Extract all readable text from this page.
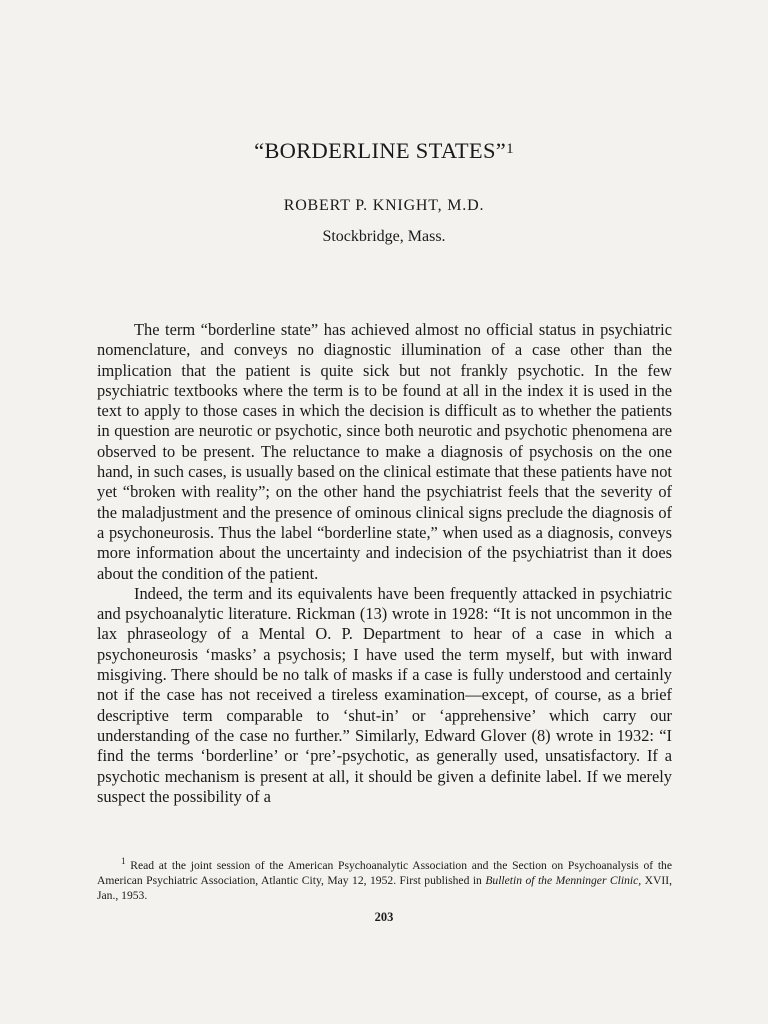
“BORDERLINE STATES”$^1$
ROBERT P. KNIGHT, M.D.
Stockbridge, Mass.

The term “borderline state” has achieved almost no official status in psychiatric nomenclature, and conveys no diagnostic illumination of a case other than the implication that the patient is quite sick but not frankly psychotic. In the few psychiatric textbooks where the term is to be found at all in the index it is used in the text to apply to those cases in which the decision is difficult as to whether the patients in question are neurotic or psychotic, since both neurotic and psychotic phenomena are observed to be present. The reluctance to make a diagnosis of psychosis on the one hand, in such cases, is usually based on the clinical estimate that these patients have not yet “broken with reality”; on the other hand the psychiatrist feels that the severity of the maladjustment and the presence of ominous clinical signs preclude the diagnosis of a psychoneurosis. Thus the label “borderline state,” when used as a diagnosis, conveys more information about the uncertainty and indecision of the psychiatrist than it does about the condition of the patient.

Indeed, the term and its equivalents have been frequently attacked in psychiatric and psychoanalytic literature. Rickman (13) wrote in 1928: “It is not uncommon in the lax phraseology of a Mental O. P. Department to hear of a case in which a psychoneurosis ‘masks’ a psychosis; I have used the term myself, but with inward misgiving. There should be no talk of masks if a case is fully understood and certainly not if the case has not received a tireless examination—except, of course, as a brief descriptive term comparable to ‘shut-in’ or ‘apprehensive’ which carry our understanding of the case no further.” Similarly, Edward Glover (8) wrote in 1932: “I find the terms ‘borderline’ or ‘pre’-psychotic, as generally used, unsatisfactory. If a psychotic mechanism is present at all, it should be given a definite label. If we merely suspect the possibility of a

$^1$ Read at the joint session of the American Psychoanalytic Association and the Section on Psychoanalysis of the American Psychiatric Association, Atlantic City, May 12, 1952. First published in Bulletin of the Menninger Clinic, XVII, Jan., 1953.
203
